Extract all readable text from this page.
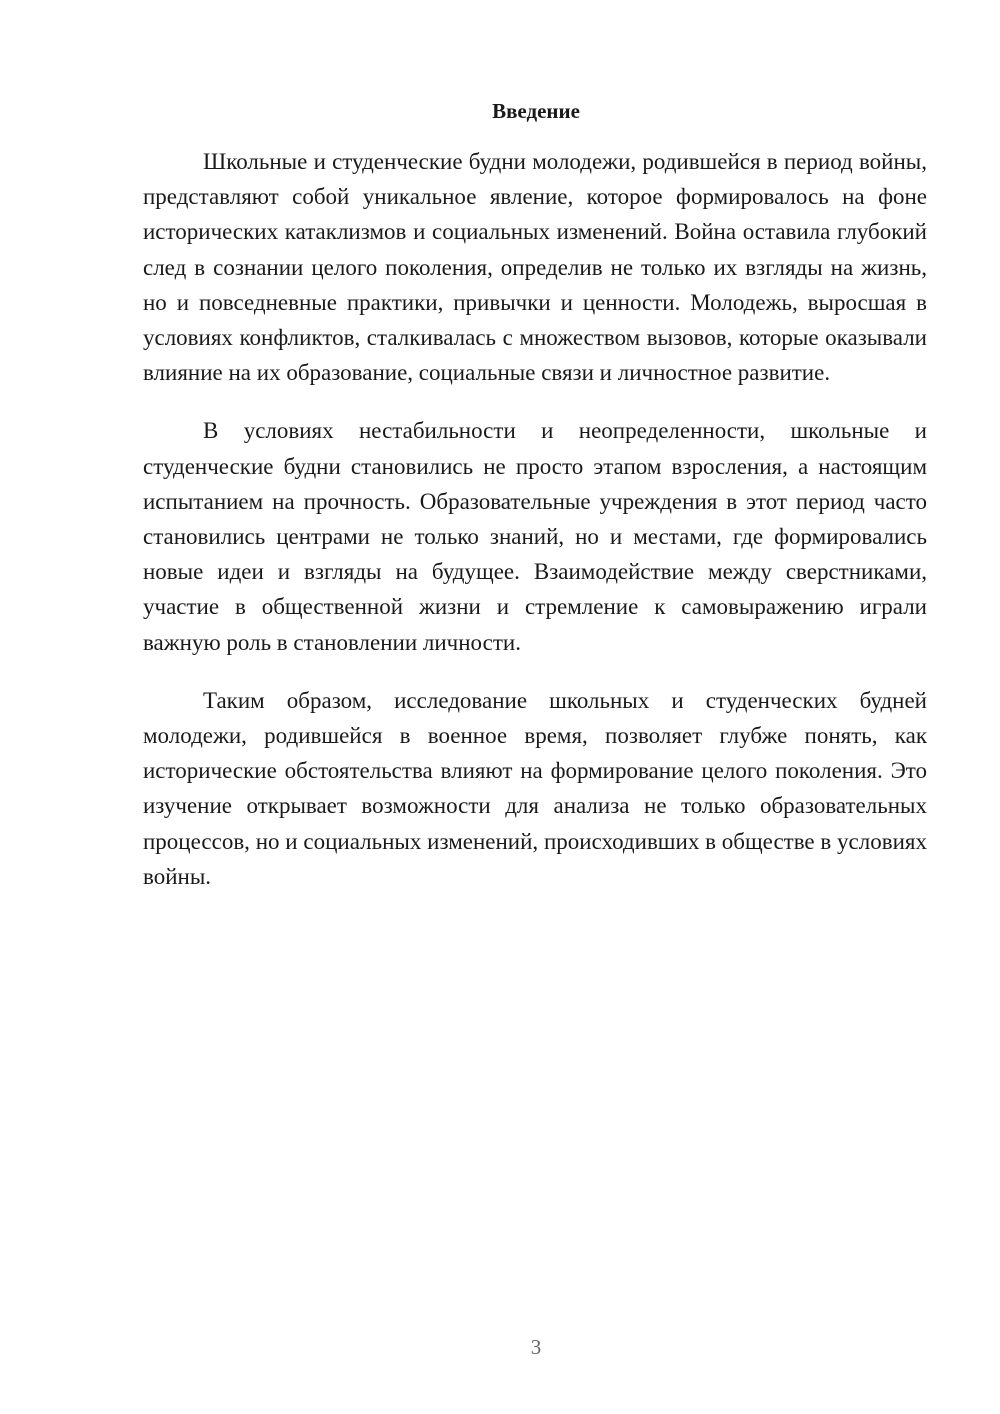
Введение

Школьные и студенческие будни молодежи, родившейся в период войны, представляют собой уникальное явление, которое формировалось на фоне исторических катаклизмов и социальных изменений. Война оставила глубокий след в сознании целого поколения, определив не только их взгляды на жизнь, но и повседневные практики, привычки и ценности. Молодежь, выросшая в условиях конфликтов, сталкивалась с множеством вызовов, которые оказывали влияние на их образование, социальные связи и личностное развитие.

В условиях нестабильности и неопределенности, школьные и студенческие будни становились не просто этапом взросления, а настоящим испытанием на прочность. Образовательные учреждения в этот период часто становились центрами не только знаний, но и местами, где формировались новые идеи и взгляды на будущее. Взаимодействие между сверстниками, участие в общественной жизни и стремление к самовыражению играли важную роль в становлении личности.

Таким образом, исследование школьных и студенческих будней молодежи, родившейся в военное время, позволяет глубже понять, как исторические обстоятельства влияют на формирование целого поколения. Это изучение открывает возможности для анализа не только образовательных процессов, но и социальных изменений, происходивших в обществе в условиях войны.

3
